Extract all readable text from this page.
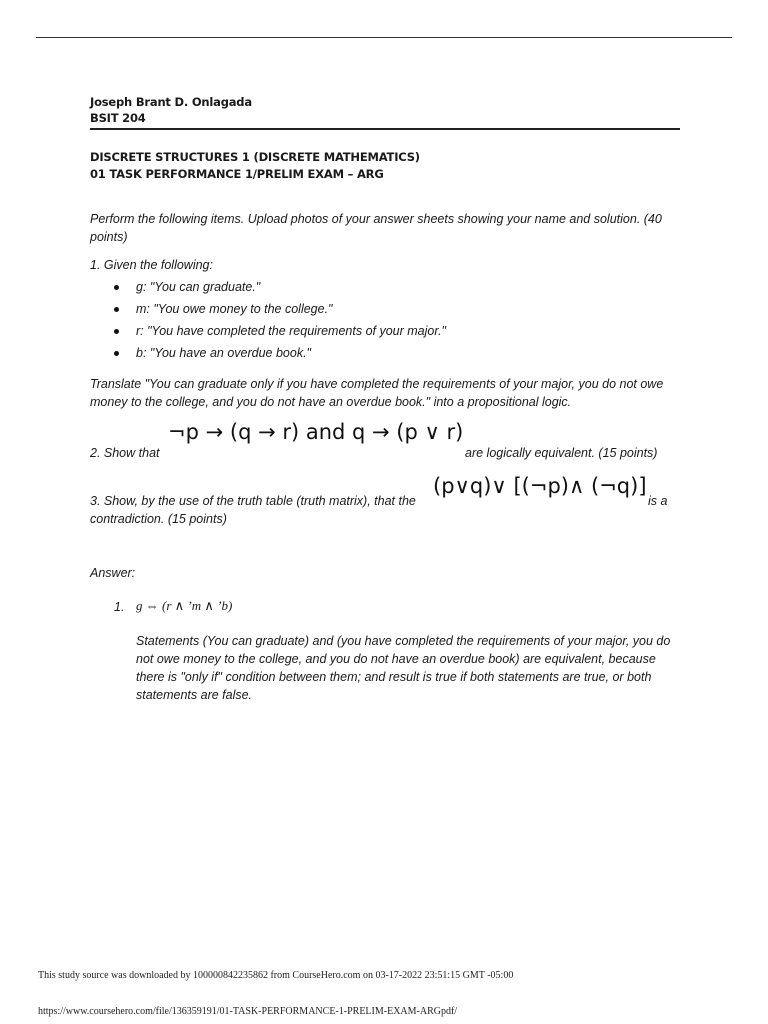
Joseph Brant D. Onlagada
BSIT 204
DISCRETE STRUCTURES 1 (DISCRETE MATHEMATICS)
01 TASK PERFORMANCE 1/PRELIM EXAM – ARG
Perform the following items. Upload photos of your answer sheets showing your name and solution. (40 points)
1. Given the following:
g: "You can graduate."
m: "You owe money to the college."
r: "You have completed the requirements of your major."
b: "You have an overdue book."
Translate "You can graduate only if you have completed the requirements of your major, you do not owe money to the college, and you do not have an overdue book." into a propositional logic.
2. Show that
¬p → (q → r) and q → (p ∨ r)
are logically equivalent. (15 points)
3. Show, by the use of the truth table (truth matrix), that the
(p∨q)∨ [(¬p)∧ (¬q)]
is a
contradiction. (15 points)
Answer:
1. g ⇔ (r ∧ ’m ∧ ’b)
Statements (You can graduate) and (you have completed the requirements of your major, you do
not owe money to the college, and you do not have an overdue book) are equivalent, because
there is "only if" condition between them; and result is true if both statements are true, or both
statements are false.
This study source was downloaded by 100000842235862 from CourseHero.com on 03-17-2022 23:51:15 GMT -05:00
https://www.coursehero.com/file/136359191/01-TASK-PERFORMANCE-1-PRELIM-EXAM-ARGpdf/
